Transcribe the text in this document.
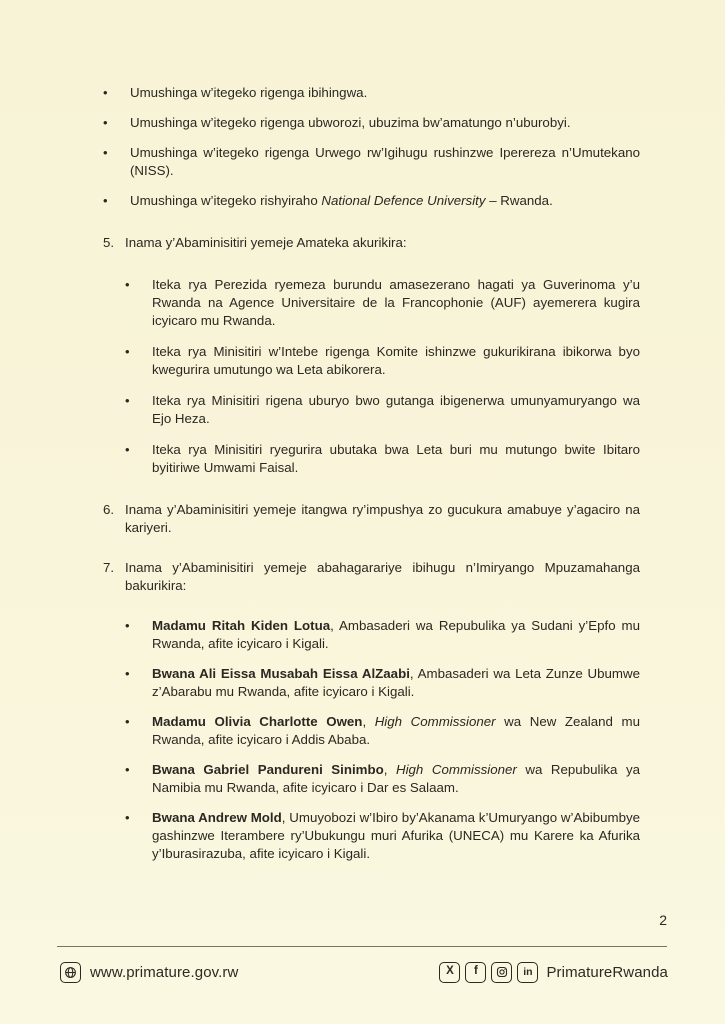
•	Umushinga w’itegeko rigenga ibihingwa.
•	Umushinga w’itegeko rigenga ubworozi, ubuzima bw’amatungo n’uburobyi.
•	Umushinga w’itegeko rigenga Urwego rw’Igihugu rushinzwe Iperereza n’Umutekano (NISS).
•	Umushinga w’itegeko rishyiraho National Defence University – Rwanda.
5. Inama y’Abaminisitiri yemeje Amateka akurikira:
•	Iteka rya Perezida ryemeza burundu amasezerano hagati ya Guverinoma y’u Rwanda na Agence Universitaire de la Francophonie (AUF) ayemerera kugira icyicaro mu Rwanda.
•	Iteka rya Minisitiri w’Intebe rigenga Komite ishinzwe gukurikirana ibikorwa byo kwegurira umutungo wa Leta abikorera.
•	Iteka rya Minisitiri rigena uburyo bwo gutanga ibigenerwa umunyamuryango wa Ejo Heza.
•	Iteka rya Minisitiri ryegurira ubutaka bwa Leta buri mu mutungo bwite Ibitaro byitiriwe Umwami Faisal.
6. Inama y’Abaminisitiri yemeje itangwa ry’impushya zo gucukura amabuye y’agaciro na kariyeri.
7. Inama y’Abaminisitiri yemeje abahagarariye ibihugu n’Imiryango Mpuzamahanga bakurikira:
•	Madamu Ritah Kiden Lotua, Ambasaderi wa Repubulika ya Sudani y’Epfo mu Rwanda, afite icyicaro i Kigali.
•	Bwana Ali Eissa Musabah Eissa AlZaabi, Ambasaderi wa Leta Zunze Ubumwe z’Abarabu mu Rwanda, afite icyicaro i Kigali.
•	Madamu Olivia Charlotte Owen, High Commissioner wa New Zealand mu Rwanda, afite icyicaro i Addis Ababa.
•	Bwana Gabriel Pandureni Sinimbo, High Commissioner wa Repubulika ya Namibia mu Rwanda, afite icyicaro i Dar es Salaam.
•	Bwana Andrew Mold, Umuyobozi w’Ibiro by’Akanama k’Umuryango w’Abibumbye gashinzwe Iterambere ry’Ubukungu muri Afurika (UNECA) mu Karere ka Afurika y’Iburasirazuba, afite icyicaro i Kigali.
2
www.primature.gov.rw	X f	in PrimatureRwanda
